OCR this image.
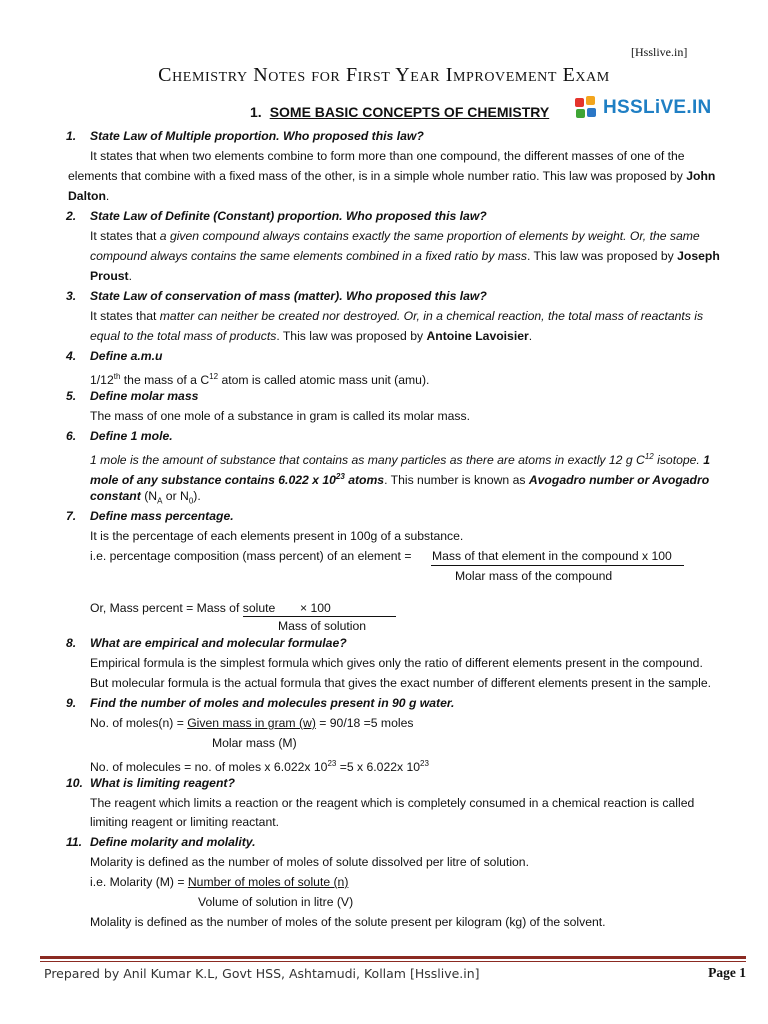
[Hsslive.in]
Chemistry Notes for First Year Improvement Exam
1. SOME BASIC CONCEPTS OF CHEMISTRY	HSSLiVE.IN
1. State Law of Multiple proportion. Who proposed this law?
It states that when two elements combine to form more than one compound, the different masses of one of the
elements that combine with a fixed mass of the other, is in a simple whole number ratio. This law was proposed by John
Dalton.
2. State Law of Definite (Constant) proportion. Who proposed this law?
It states that a given compound always contains exactly the same proportion of elements by weight. Or, the same
compound always contains the same elements combined in a fixed ratio by mass. This law was proposed by Joseph
Proust.
3. State Law of conservation of mass (matter). Who proposed this law?
It states that matter can neither be created nor destroyed. Or, in a chemical reaction, the total mass of reactants is
equal to the total mass of products. This law was proposed by Antoine Lavoisier.
4. Define a.m.u
1/12th the mass of a $C^{12}$ atom is called atomic mass unit (amu).
5. Define molar mass
The mass of one mole of a substance in gram is called its molar mass.
6. Define 1 mole.
1 mole is the amount of substance that contains as many particles as there are atoms in exactly 12 g $C^{12}$ isotope. 1
mole of any substance contains 6.022 x $10^{23}$ atoms. This number is known as Avogadro number or Avogadro
constant ($N_A$ or $N_0$).
7. Define mass percentage.
It is the percentage of each elements present in 100g of a substance.
i.e. percentage composition (mass percent) of an element = Mass of that element in the compound x 100
Molar mass of the compound
Or, Mass percent = Mass of solute × 100
Mass of solution
8. What are empirical and molecular formulae?
Empirical formula is the simplest formula which gives only the ratio of different elements present in the compound.
But molecular formula is the actual formula that gives the exact number of different elements present in the sample.
9. Find the number of moles and molecules present in 90 g water.
No. of moles(n) = Given mass in gram (w) = 90/18 =5 moles
Molar mass (M)
No. of molecules = no. of moles x 6.022x $10^{23} =5$ x 6.022x $10^{23}$
10. What is limiting reagent?
The reagent which limits a reaction or the reagent which is completely consumed in a chemical reaction is called
limiting reagent or limiting reactant.
11. Define molarity and molality.
Molarity is defined as the number of moles of solute dissolved per litre of solution.
i.e. Molarity (M) = Number of moles of solute (n)
Volume of solution in litre (V)
Molality is defined as the number of moles of the solute present per kilogram (kg) of the solvent.
Prepared by Anil Kumar K.L, Govt HSS, Ashtamudi, Kollam [Hsslive.in]	Page 1
